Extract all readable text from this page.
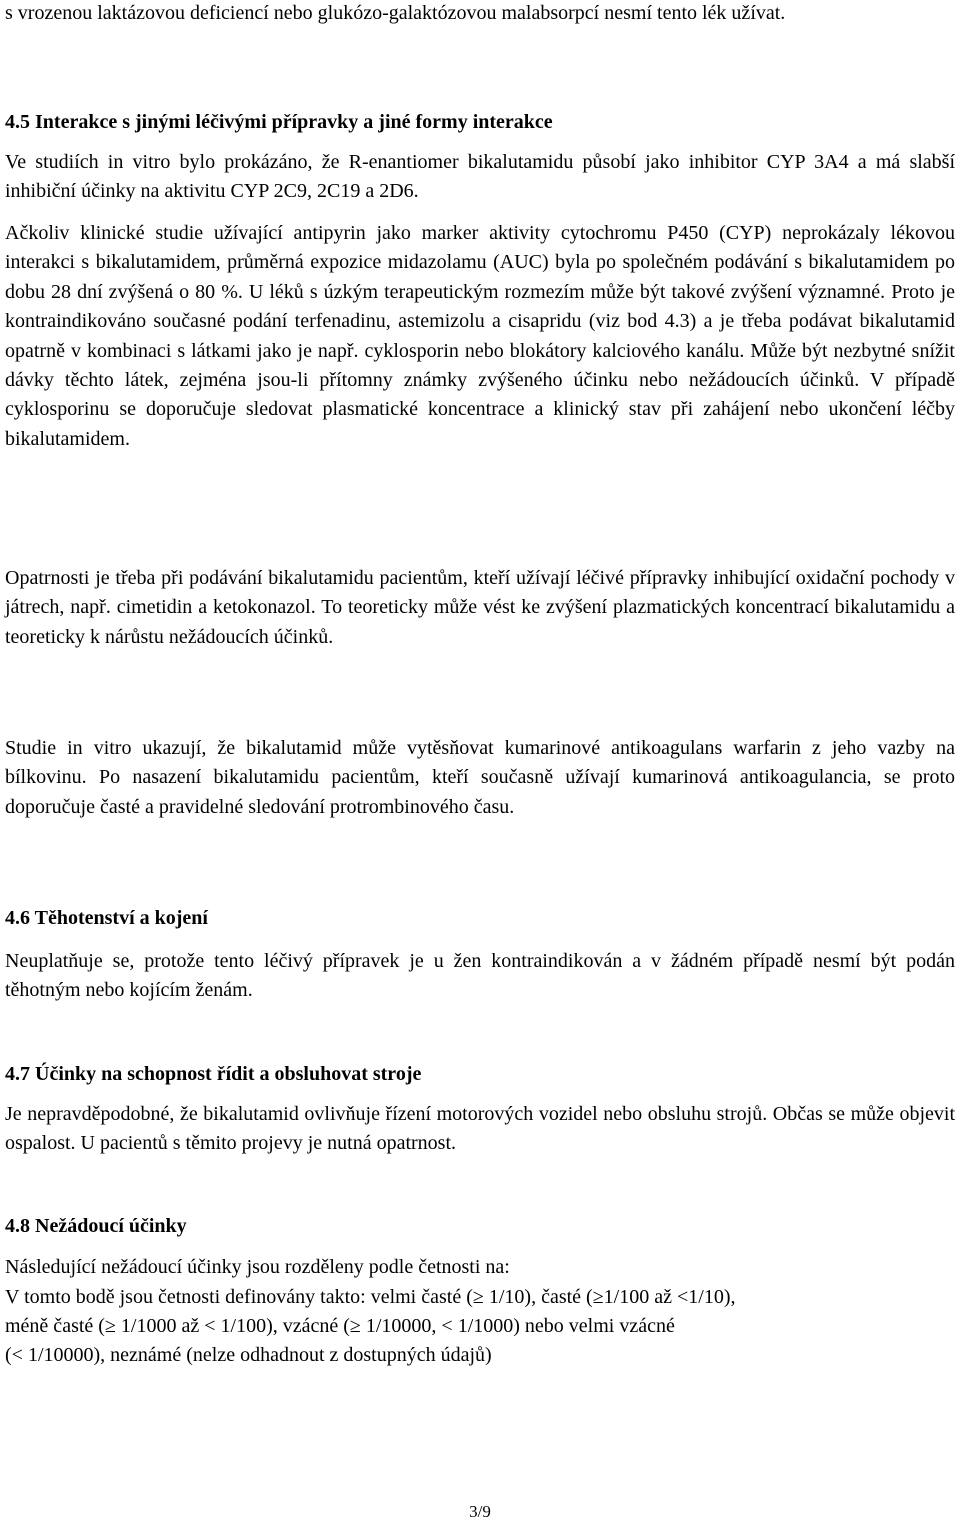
s vrozenou laktázovou deficiencí nebo glukózo-galaktózovou malabsorpcí nesmí tento lék užívat.

4.5 Interakce s jinými léčivými přípravky a jiné formy interakce

Ve studiích in vitro bylo prokázáno, že R-enantiomer bikalutamidu působí jako inhibitor CYP 3A4 a má slabší inhibiční účinky na aktivitu CYP 2C9, 2C19 a 2D6.

Ačkoliv klinické studie užívající antipyrin jako marker aktivity cytochromu P450 (CYP) neprokázaly lékovou interakci s bikalutamidem, průměrná expozice midazolamu (AUC) byla po společném podávání s bikalutamidem po dobu 28 dní zvýšená o 80 %. U léků s úzkým terapeutickým rozmezím může být takové zvýšení významné. Proto je kontraindikováno současné podání terfenadinu, astemizolu a cisapridu (viz bod 4.3) a je třeba podávat bikalutamid opatrně v kombinaci s látkami jako je např. cyklosporin nebo blokátory kalciového kanálu. Může být nezbytné snížit dávky těchto látek, zejména jsou-li přítomny známky zvýšeného účinku nebo nežádoucích účinků. V případě cyklosporinu se doporučuje sledovat plasmatické koncentrace a klinický stav při zahájení nebo ukončení léčby bikalutamidem.

Opatrnosti je třeba při podávání bikalutamidu pacientům, kteří užívají léčivé přípravky inhibující oxidační pochody v játrech, např. cimetidin a ketokonazol. To teoreticky může vést ke zvýšení plazmatických koncentrací bikalutamidu a teoreticky k nárůstu nežádoucích účinků.

Studie in vitro ukazují, že bikalutamid může vytěsňovat kumarinové antikoagulans warfarin z jeho vazby na bílkovinu. Po nasazení bikalutamidu pacientům, kteří současně užívají kumarinová antikoagulancia, se proto doporučuje časté a pravidelné sledování protrombinového času.

4.6 Těhotenství a kojení

Neuplatňuje se, protože tento léčivý přípravek je u žen kontraindikován a v žádném případě nesmí být podán těhotným nebo kojícím ženám.

4.7 Účinky na schopnost řídit a obsluhovat stroje

Je nepravděpodobné, že bikalutamid ovlivňuje řízení motorových vozidel nebo obsluhu strojů. Občas se může objevit ospalost. U pacientů s těmito projevy je nutná opatrnost.

4.8 Nežádoucí účinky
Následující nežádoucí účinky jsou rozděleny podle četnosti na:
V tomto bodě jsou četnosti definovány takto: velmi časté (≥ 1/10), časté (≥1/100 až <1/10),
méně časté (≥ 1/1000 až < 1/100), vzácné (≥ 1/10000, < 1/1000) nebo velmi vzácné
(< 1/10000), neznámé (nelze odhadnout z dostupných údajů)
3/9
